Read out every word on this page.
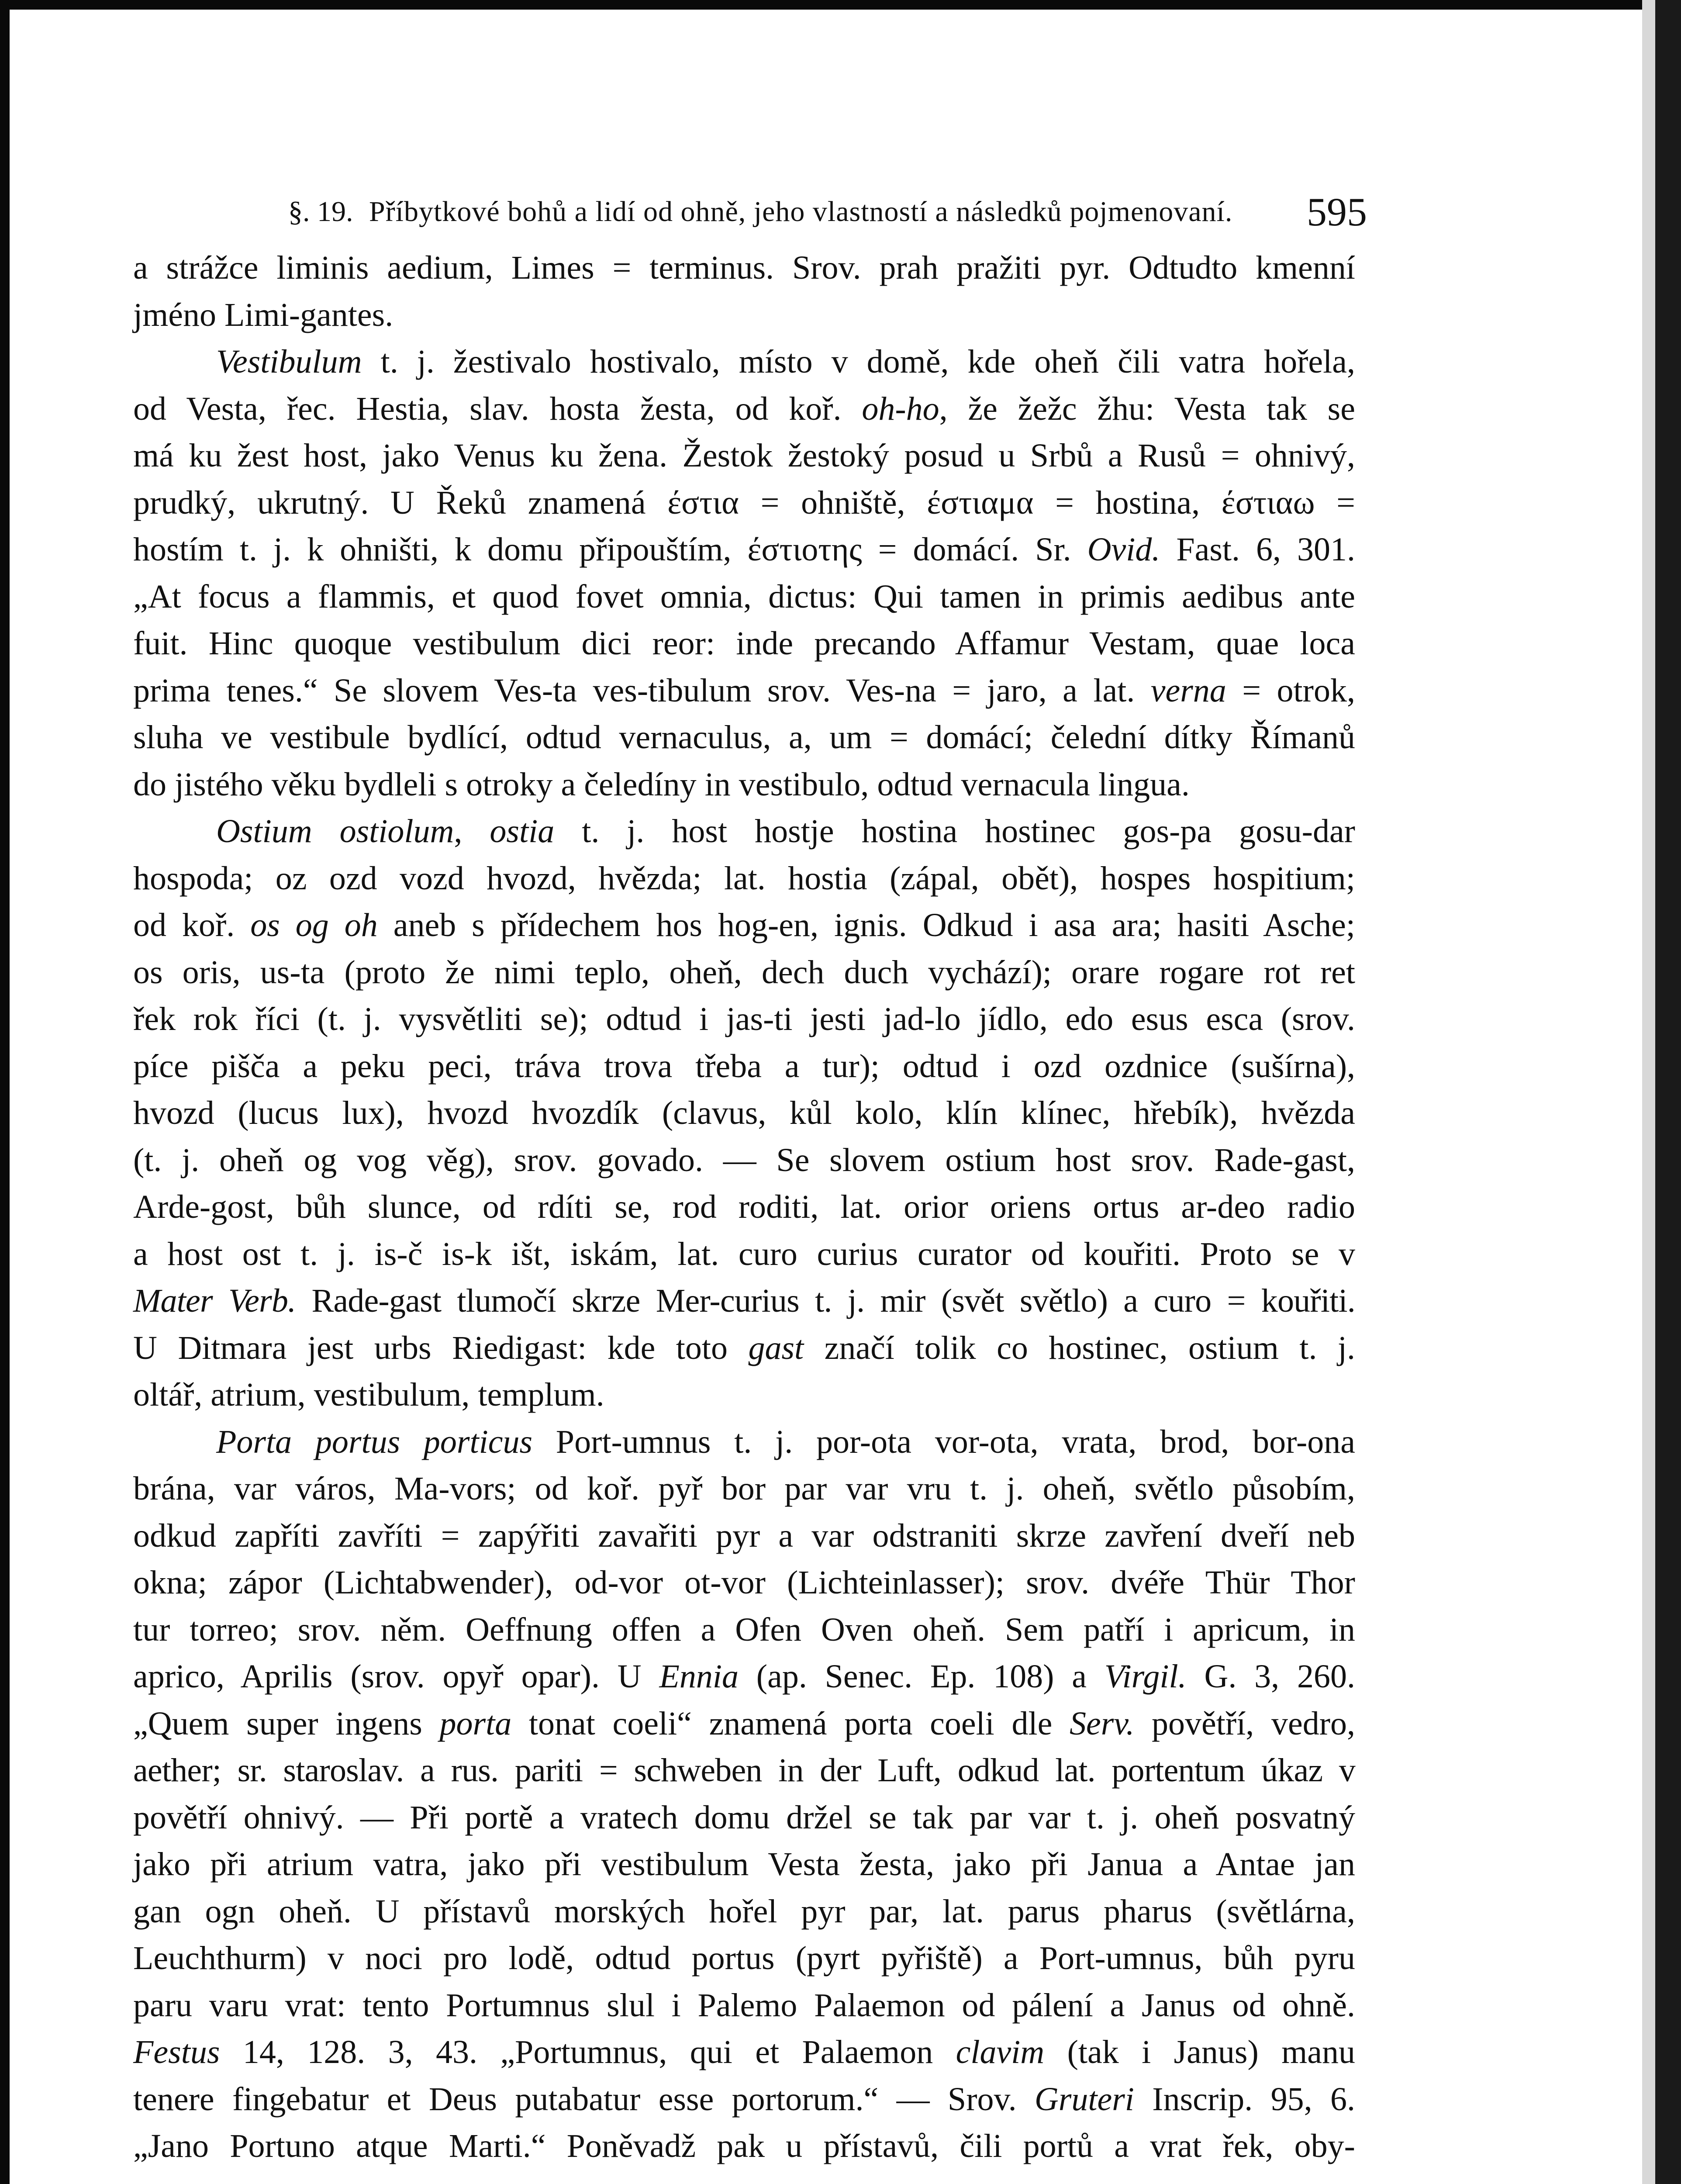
§. 19. Příbytkové bohů a lidí od ohně, jeho vlastností a následků pojmenovaní. 595
a strážce liminis aedium, Limes = terminus. Srov. prah pražiti pyr. Odtudto kmenní
jméno Limi-gantes.
Vestibulum t. j. žestivalo hostivalo, místo v domě, kde oheň čili vatra hořela,
od Vesta, řec. Hestia, slav. hosta žesta, od koř. oh-ho, že žežc žhu: Vesta tak se
má ku žest host, jako Venus ku žena. Žestok žestoký posud u Srbů a Rusů = ohnivý,
prudký, ukrutný. U Řeků znamená έστια = ohniště, έστιαμα = hostina, έστιαω =
hostím t. j. k ohništi, k domu připouštím, έστιοτης = domácí. Sr. Ovid. Fast. 6, 301.
„At focus a flammis, et quod fovet omnia, dictus: Qui tamen in primis aedibus ante
fuit. Hinc quoque vestibulum dici reor: inde precando Affamur Vestam, quae loca
prima tenes.“ Se slovem Ves-ta ves-tibulum srov. Ves-na = jaro, a lat. verna = otrok,
sluha ve vestibule bydlící, odtud vernaculus, a, um = domácí; čelední dítky Římanů
do jistého věku bydleli s otroky a čeledíny in vestibulo, odtud vernacula lingua.
Ostium ostiolum, ostia t. j. host hostje hostina hostinec gos-pa gosu-dar
hospoda; oz ozd vozd hvozd, hvězda; lat. hostia (zápal, obět), hospes hospitium;
od koř. os og oh aneb s přídechem hos hog-en, ignis. Odkud i asa ara; hasiti Asche;
os oris, us-ta (proto že nimi teplo, oheň, dech duch vychází); orare rogare rot ret
řek rok říci (t. j. vysvětliti se); odtud i jas-ti jesti jad-lo jídlo, edo esus esca (srov.
píce pišča a peku peci, tráva trova třeba a tur); odtud i ozd ozdnice (sušírna),
hvozd (lucus lux), hvozd hvozdík (clavus, kůl kolo, klín klínec, hřebík), hvězda
(t. j. oheň og vog věg), srov. govado. — Se slovem ostium host srov. Rade-gast,
Arde-gost, bůh slunce, od rdíti se, rod roditi, lat. orior oriens ortus ar-deo radio
a host ost t. j. is-č is-k išt, iskám, lat. curo curius curator od kouřiti. Proto se v
Mater Verb. Rade-gast tlumočí skrze Mer-curius t. j. mir (svět světlo) a curo = kouřiti.
U Ditmara jest urbs Riedigast: kde toto gast značí tolik co hostinec, ostium t. j.
oltář, atrium, vestibulum, templum.
Porta portus porticus Port-umnus t. j. por-ota vor-ota, vrata, brod, bor-ona
brána, var város, Ma-vors; od koř. pyř bor par var vru t. j. oheň, světlo působím,
odkud zapříti zavříti = zapýřiti zavařiti pyr a var odstraniti skrze zavření dveří neb
okna; zápor (Lichtabwender), od-vor ot-vor (Lichteinlasser); srov. dvéře Thür Thor
tur torreo; srov. něm. Oeffnung offen a Ofen Oven oheň. Sem patří i apricum, in
aprico, Aprilis (srov. opyř opar). U Ennia (ap. Senec. Ep. 108) a Virgil. G. 3, 260.
„Quem super ingens porta tonat coeli“ znamená porta coeli dle Serv. povětří, vedro,
aether; sr. staroslav. a rus. pariti = schweben in der Luft, odkud lat. portentum úkaz v
povětří ohnivý. — Při portě a vratech domu držel se tak par var t. j. oheň posvatný
jako při atrium vatra, jako při vestibulum Vesta žesta, jako při Janua a Antae jan
gan ogn oheň. U přístavů morských hořel pyr par, lat. parus pharus (světlárna,
Leuchthurm) v noci pro lodě, odtud portus (pyrt pyřiště) a Port-umnus, bůh pyru
paru varu vrat: tento Portumnus slul i Palemo Palaemon od pálení a Janus od ohně.
Festus 14, 128. 3, 43. „Portumnus, qui et Palaemon clavim (tak i Janus) manu
tenere fingebatur et Deus putabatur esse portorum.“ — Srov. Gruteri Inscrip. 95, 6.
„Jano Portuno atque Marti.“ Poněvadž pak u přístavů, čili portů a vrat řek, oby-
